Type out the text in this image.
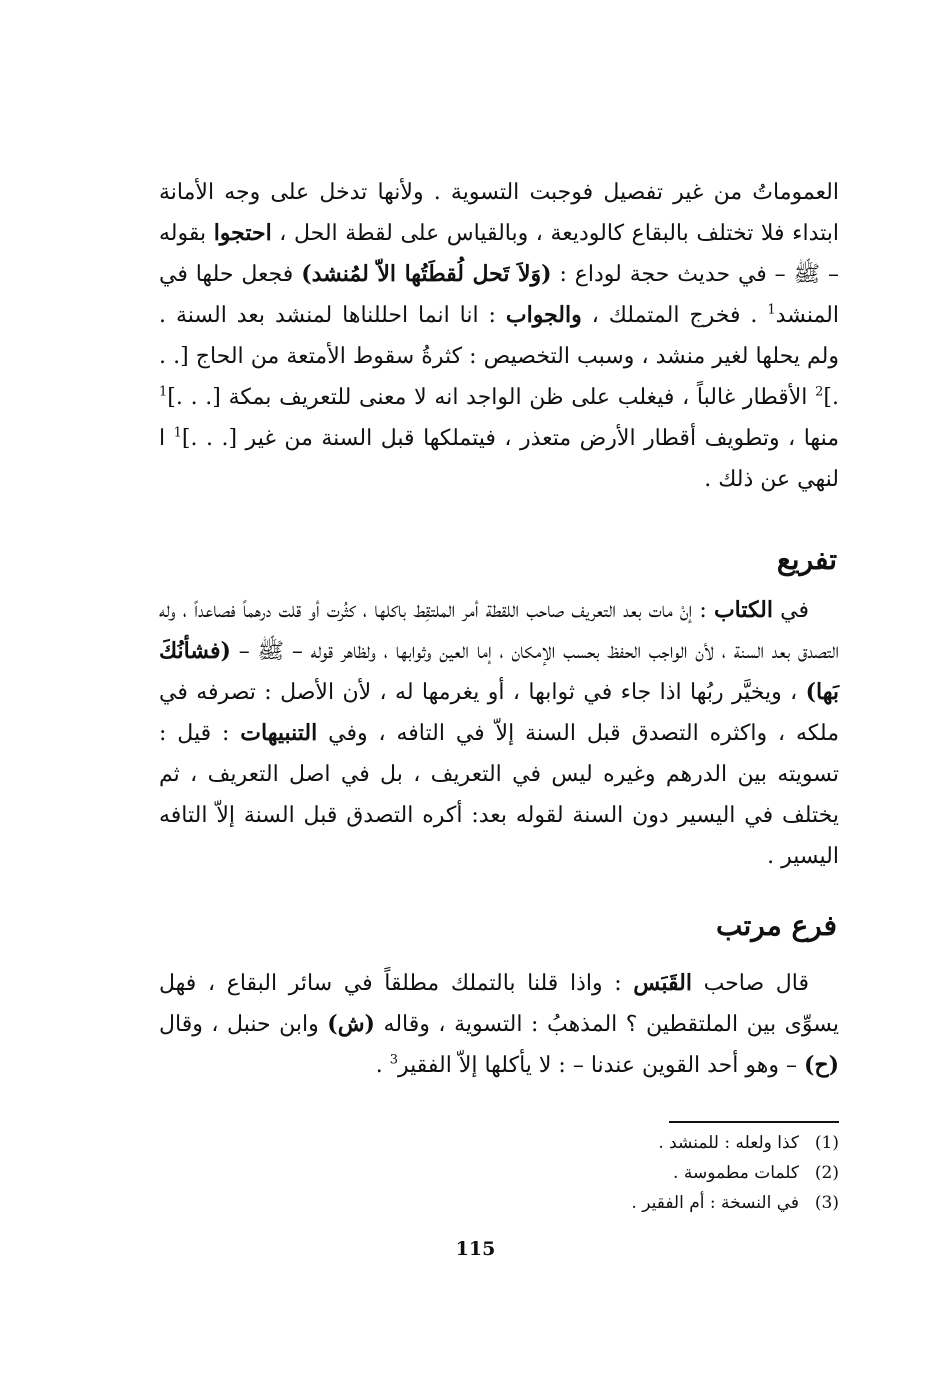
العموماتُ من غير تفصيل فوجبت التسوية . ولأنها تدخل على وجه الأمانة ابتداء فلا تختلف بالبقاع كالوديعة ، وبالقياس على لقطة الحل ، احتجوا بقوله – ﷺ – في حديث حجة لوداع : (وَلاَ تَحل لُقطَتُها الاّ لمُنشد) فجعل حلها في المنشد$^1$ . فخرج المتملك ، والجواب : انا انما احللناها لمنشد بعد السنة . ولم يحلها لغير منشد ، وسبب التخصيص : كثرةُ سقوط الأمتعة من الحاج [. . .]$^2$ الأقطار غالباً ، فيغلب على ظن الواجد انه لا معنى للتعريف بمكة [. . .]$^1$ منها ، وتطويف أقطار الأرض متعذر ، فيتملكها قبل السنة من غير [. . .]$^1$ ا لنهي عن ذلك .

تفريع

في الكتاب : إنْ مات بعد التعريف صاحب اللقطة أمر الملتقِط باكلها ، كثُرت أو قلت درهماً فصاعداً ، وله التصدق بعد السنة ، لأن الواجب الحفظ بحسب الإمكان ، إما العين وثوابها ، ولظاهر قوله – ﷺ – (فشأنُكَ بَها) ، ويخيَّر ربُها اذا جاء في ثوابها ، أو يغرمها له ، لأن الأصل : تصرفه في ملكه ، واكثره التصدق قبل السنة إلاّ في التافه ، وفي التنبيهات : قيل : تسويته بين الدرهم وغيره ليس في التعريف ، بل في اصل التعريف ، ثم يختلف في اليسير دون السنة لقوله بعد: أكره التصدق قبل السنة إلاّ التافه اليسير .

فرع مرتب

قال صاحب القَبَس : واذا قلنا بالتملك مطلقاً في سائر البقاع ، فهل يسوِّى بين الملتقطين ؟ المذهبُ : التسوية ، وقاله (ش) وابن حنبل ، وقال (ح) – وهو أحد القوين عندنا – : لا يأكلها إلاّ الفقير$^3$ .

(1)
كذا ولعله : للمنشد .
(2)
كلمات مطموسة .
(3)
في النسخة : أم الفقير .
115
